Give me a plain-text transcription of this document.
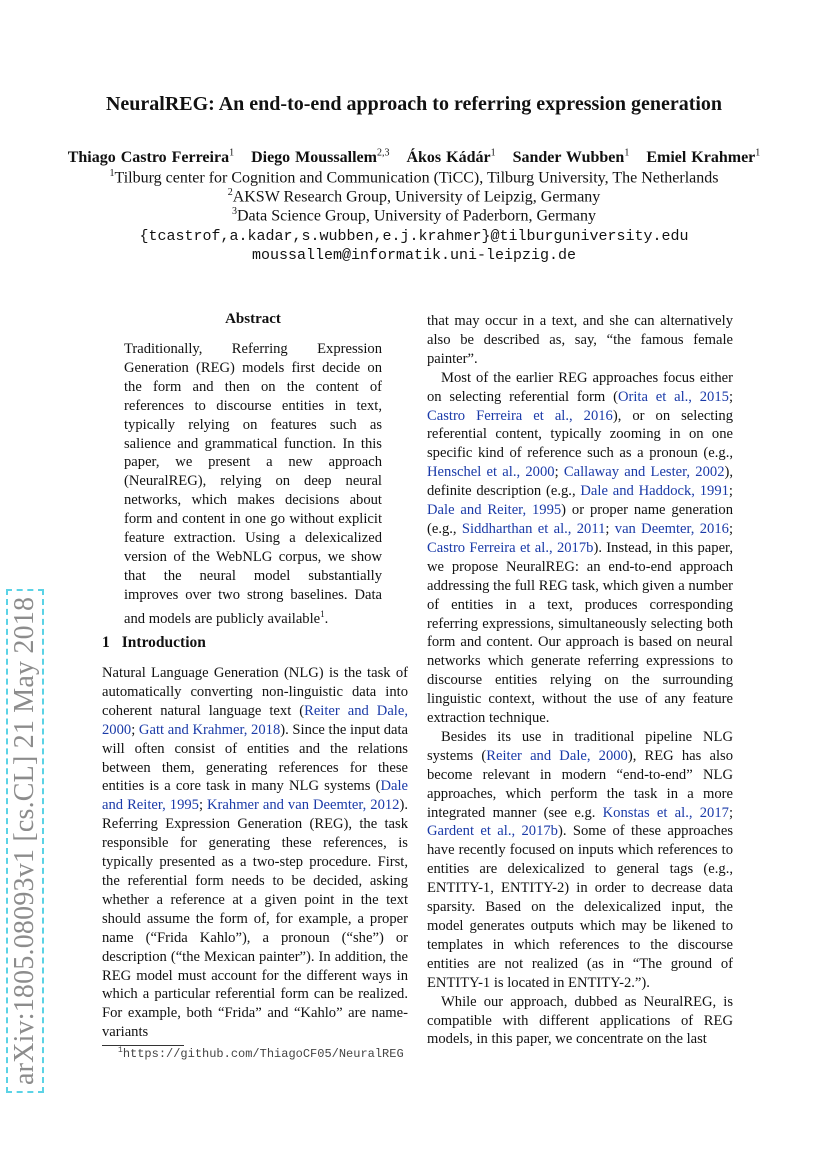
arXiv:1805.08093v1 [cs.CL] 21 May 2018
NeuralREG: An end-to-end approach to referring expression generation
Thiago Castro Ferreira$^1$ Diego Moussallem$^{2,3}$ Ákos Kádár$^1$ Sander Wubben$^1$ Emiel Krahmer$^1$
$^1$Tilburg center for Cognition and Communication (TiCC), Tilburg University, The Netherlands
$^2$AKSW Research Group, University of Leipzig, Germany
$^3$Data Science Group, University of Paderborn, Germany
{tcastrof,a.kadar,s.wubben,e.j.krahmer}@tilburguniversity.edu
moussallem@informatik.uni-leipzig.de
Abstract
Traditionally, Referring Expression Generation (REG) models first decide on the form and then on the content of references to discourse entities in text, typically relying on features such as salience and grammatical function. In this paper, we present a new approach (NeuralREG), relying on deep neural networks, which makes decisions about form and content in one go without explicit feature extraction. Using a delexicalized version of the WebNLG corpus, we show that the neural model substantially improves over two strong baselines. Data and models are publicly available$^1$.
1 Introduction

Natural Language Generation (NLG) is the task of automatically converting non-linguistic data into coherent natural language text (Reiter and Dale, 2000; Gatt and Krahmer, 2018). Since the input data will often consist of entities and the relations between them, generating references for these entities is a core task in many NLG systems (Dale and Reiter, 1995; Krahmer and van Deemter, 2012). Referring Expression Generation (REG), the task responsible for generating these references, is typically presented as a two-step procedure. First, the referential form needs to be decided, asking whether a reference at a given point in the text should assume the form of, for example, a proper name (“Frida Kahlo”), a pronoun (“she”) or description (“the Mexican painter”). In addition, the REG model must account for the different ways in which a particular referential form can be realized. For example, both “Frida” and “Kahlo” are name-variants

that may occur in a text, and she can alternatively also be described as, say, “the famous female painter”.

Most of the earlier REG approaches focus either on selecting referential form (Orita et al., 2015; Castro Ferreira et al., 2016), or on selecting referential content, typically zooming in on one specific kind of reference such as a pronoun (e.g., Henschel et al., 2000; Callaway and Lester, 2002), definite description (e.g., Dale and Haddock, 1991; Dale and Reiter, 1995) or proper name generation (e.g., Siddharthan et al., 2011; van Deemter, 2016; Castro Ferreira et al., 2017b). Instead, in this paper, we propose NeuralREG: an end-to-end approach addressing the full REG task, which given a number of entities in a text, produces corresponding referring expressions, simultaneously selecting both form and content. Our approach is based on neural networks which generate referring expressions to discourse entities relying on the surrounding linguistic context, without the use of any feature extraction technique.

Besides its use in traditional pipeline NLG systems (Reiter and Dale, 2000), REG has also become relevant in modern “end-to-end” NLG approaches, which perform the task in a more integrated manner (see e.g. Konstas et al., 2017; Gardent et al., 2017b). Some of these approaches have recently focused on inputs which references to entities are delexicalized to general tags (e.g., ENTITY-1, ENTITY-2) in order to decrease data sparsity. Based on the delexicalized input, the model generates outputs which may be likened to templates in which references to the discourse entities are not realized (as in “The ground of ENTITY-1 is located in ENTITY-2.”).

While our approach, dubbed as NeuralREG, is compatible with different applications of REG models, in this paper, we concentrate on the last

$^1$https://github.com/ThiagoCF05/NeuralREG
